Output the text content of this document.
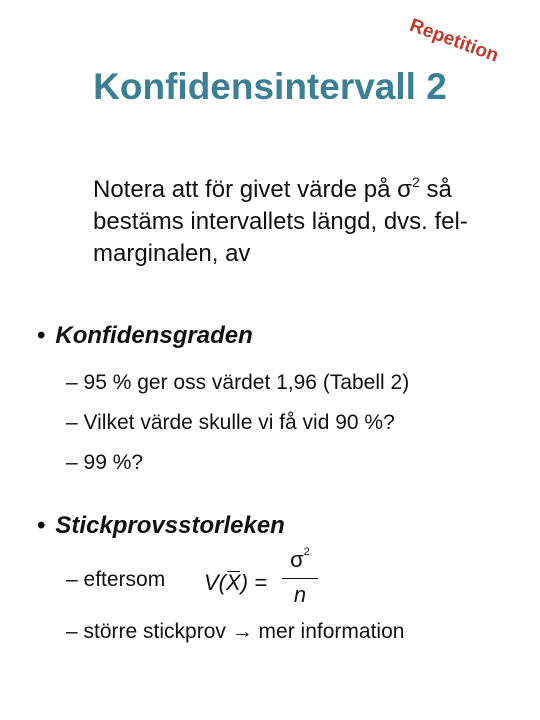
Repetition
Konfidensintervall 2
Notera att för givet värde på $\sigma^2$ så bestäms intervallets längd, dvs. fel-marginalen, av
• Konfidensgraden
– 95 % ger oss värdet 1,96 (Tabell 2)
– Vilket värde skulle vi få vid 90 %?
– 99 %?
• Stickprovsstorleken
– eftersom V(X) =
$\sigma^2$
n
– större stickprov → mer information
